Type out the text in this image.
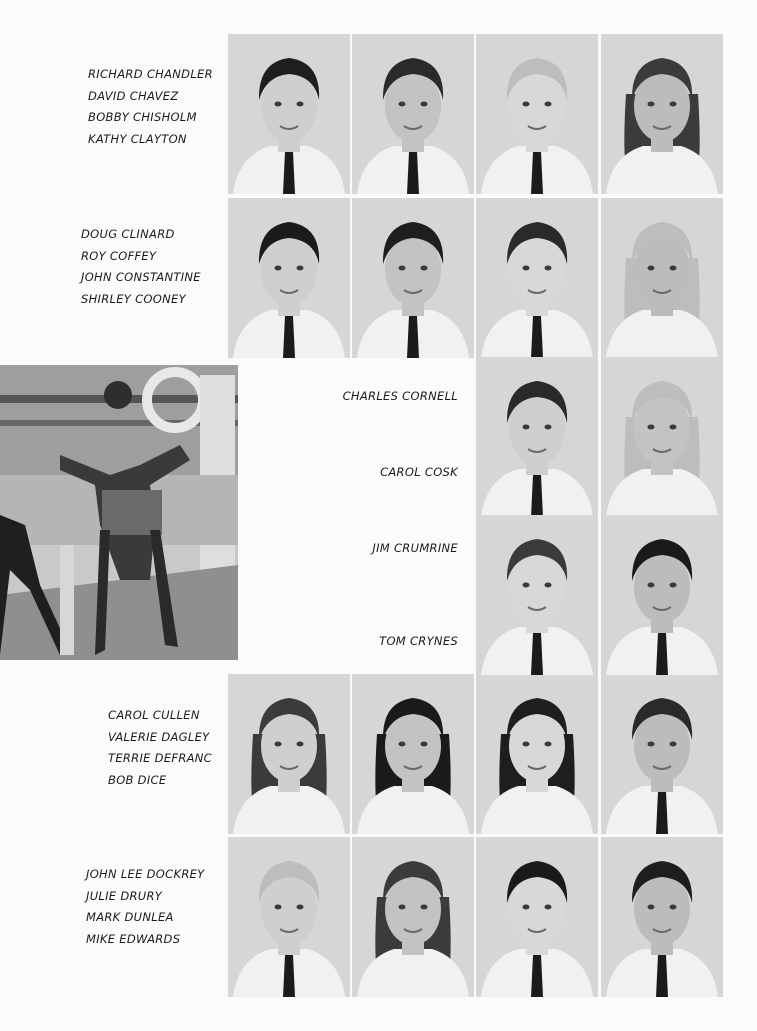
RICHARD CHANDLER
DAVID CHAVEZ
BOBBY CHISHOLM
KATHY CLAYTON
DOUG CLINARD
ROY COFFEY
JOHN CONSTANTINE
SHIRLEY COONEY
CHARLES CORNELL
CAROL COSK
JIM CRUMRINE
TOM CRYNES
CAROL CULLEN
VALERIE DAGLEY
TERRIE DEFRANC
BOB DICE
JOHN LEE DOCKREY
JULIE DRURY
MARK DUNLEA
MIKE EDWARDS
